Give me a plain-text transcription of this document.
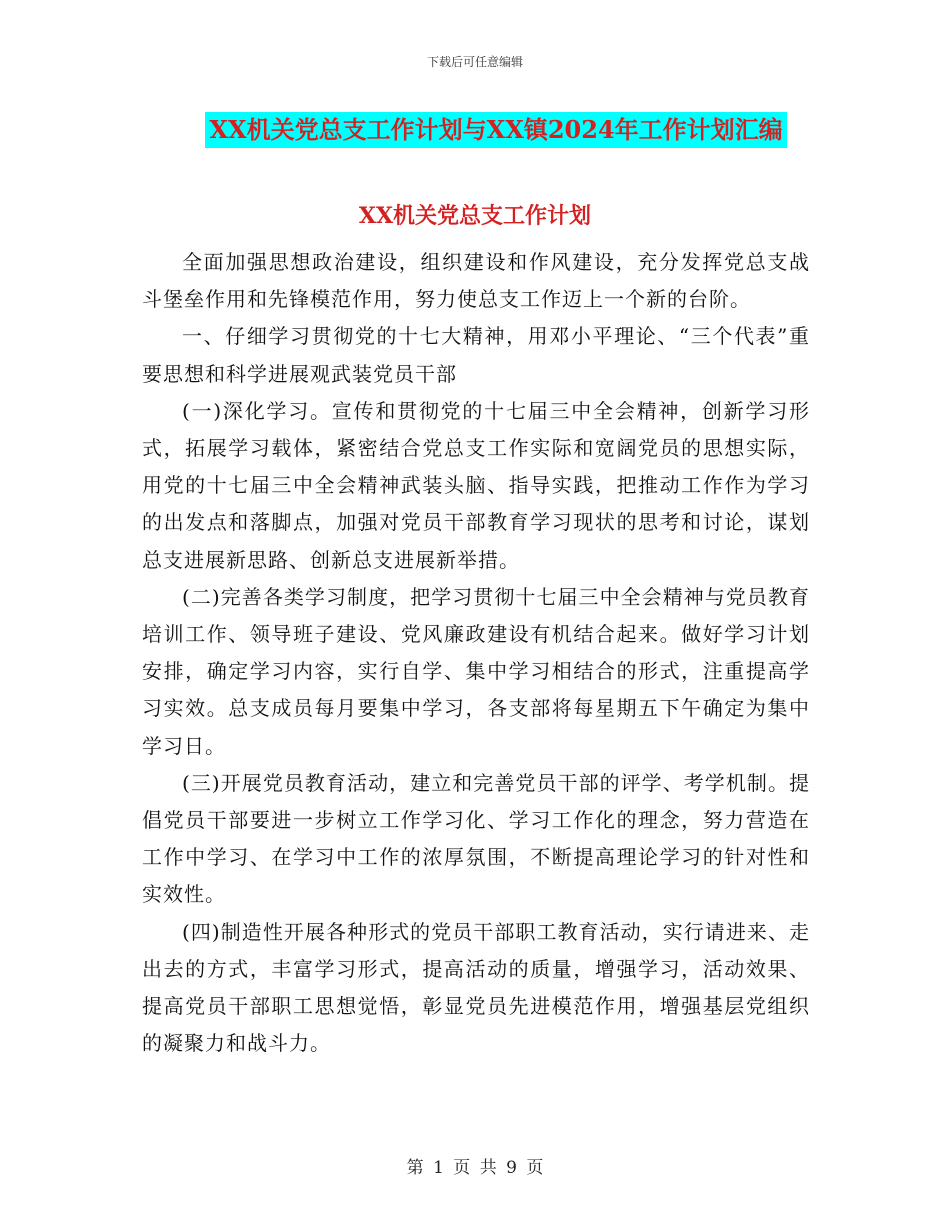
下载后可任意编辑
XX机关党总支工作计划与XX镇2024年工作计划汇编
XX机关党总支工作计划

全面加强思想政治建设，组织建设和作风建设，充分发挥党总支战斗堡垒作用和先锋模范作用，努力使总支工作迈上一个新的台阶。

一、仔细学习贯彻党的十七大精神，用邓小平理论、“三个代表”重要思想和科学进展观武装党员干部

(一)深化学习。宣传和贯彻党的十七届三中全会精神，创新学习形式，拓展学习载体，紧密结合党总支工作实际和宽阔党员的思想实际，用党的十七届三中全会精神武装头脑、指导实践，把推动工作作为学习的出发点和落脚点，加强对党员干部教育学习现状的思考和讨论，谋划总支进展新思路、创新总支进展新举措。

(二)完善各类学习制度，把学习贯彻十七届三中全会精神与党员教育培训工作、领导班子建设、党风廉政建设有机结合起来。做好学习计划安排，确定学习内容，实行自学、集中学习相结合的形式，注重提高学习实效。总支成员每月要集中学习，各支部将每星期五下午确定为集中学习日。

(三)开展党员教育活动，建立和完善党员干部的评学、考学机制。提倡党员干部要进一步树立工作学习化、学习工作化的理念，努力营造在工作中学习、在学习中工作的浓厚氛围，不断提高理论学习的针对性和实效性。

(四)制造性开展各种形式的党员干部职工教育活动，实行请进来、走出去的方式，丰富学习形式，提高活动的质量，增强学习，活动效果、提高党员干部职工思想觉悟，彰显党员先进模范作用，增强基层党组织的凝聚力和战斗力。

第 1 页 共 9 页
